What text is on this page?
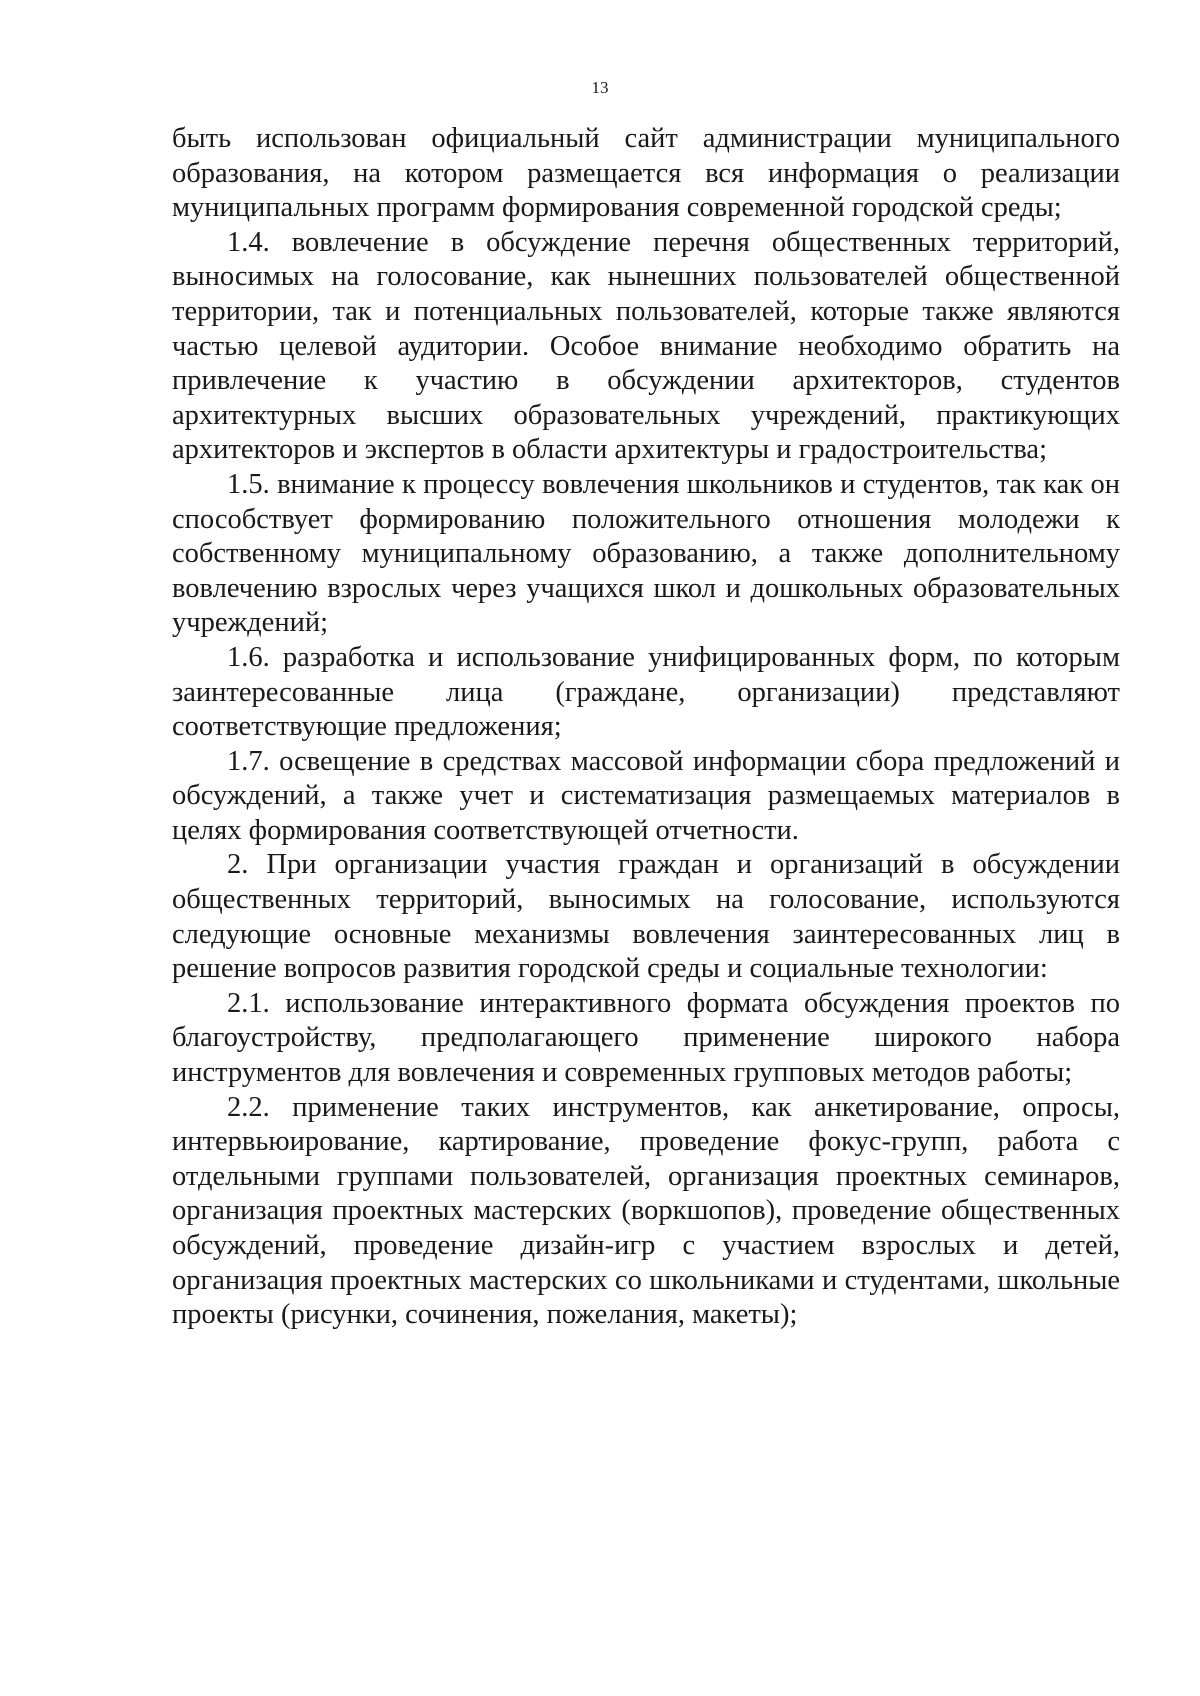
13

быть использован официальный сайт администрации муниципального образования, на котором размещается вся информация о реализации муниципальных программ формирования современной городской среды;

1.4. вовлечение в обсуждение перечня общественных территорий, выносимых на голосование, как нынешних пользователей общественной территории, так и потенциальных пользователей, которые также являются частью целевой аудитории. Особое внимание необходимо обратить на привлечение к участию в обсуждении архитекторов, студентов архитектурных высших образовательных учреждений, практикующих архитекторов и экспертов в области архитектуры и градостроительства;

1.5. внимание к процессу вовлечения школьников и студентов, так как он способствует формированию положительного отношения молодежи к собственному муниципальному образованию, а также дополнительному вовлечению взрослых через учащихся школ и дошкольных образовательных учреждений;

1.6. разработка и использование унифицированных форм, по которым заинтересованные лица (граждане, организации) представляют соответствующие предложения;

1.7. освещение в средствах массовой информации сбора предложений и обсуждений, а также учет и систематизация размещаемых материалов в целях формирования соответствующей отчетности.

2. При организации участия граждан и организаций в обсуждении общественных территорий, выносимых на голосование, используются следующие основные механизмы вовлечения заинтересованных лиц в решение вопросов развития городской среды и социальные технологии:

2.1. использование интерактивного формата обсуждения проектов по благоустройству, предполагающего применение широкого набора инструментов для вовлечения и современных групповых методов работы;

2.2. применение таких инструментов, как анкетирование, опросы, интервьюирование, картирование, проведение фокус-групп, работа с отдельными группами пользователей, организация проектных семинаров, организация проектных мастерских (воркшопов), проведение общественных обсуждений, проведение дизайн-игр с участием взрослых и детей, организация проектных мастерских со школьниками и студентами, школьные проекты (рисунки, сочинения, пожелания, макеты);
